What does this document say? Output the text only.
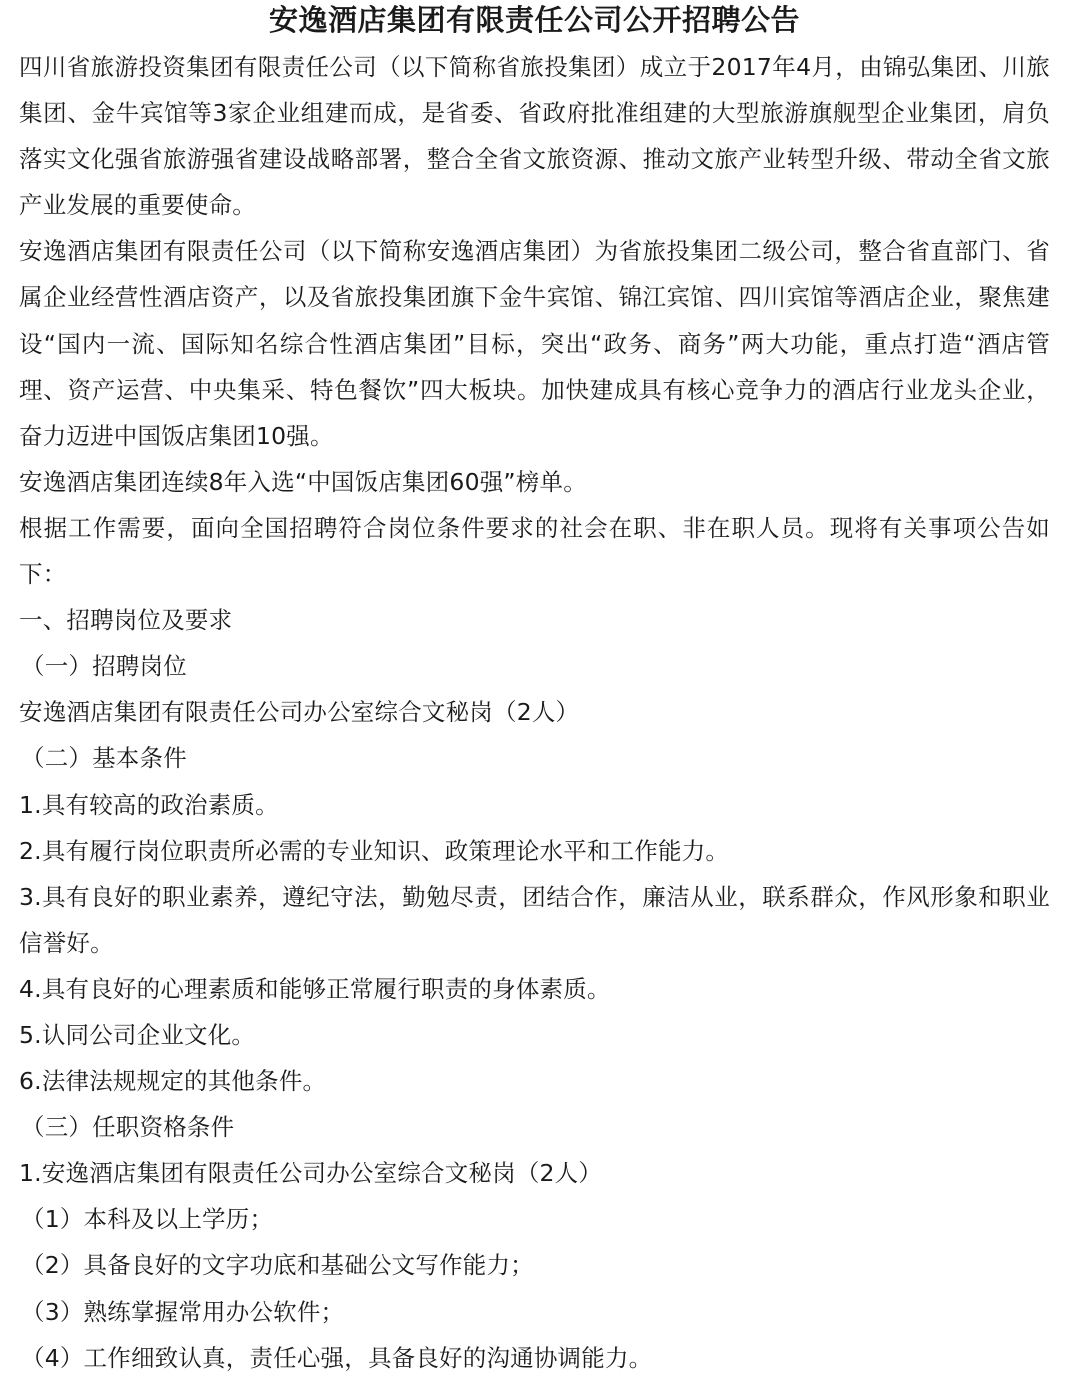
安逸酒店集团有限责任公司公开招聘公告

四川省旅游投资集团有限责任公司（以下简称省旅投集团）成立于2017年4月，由锦弘集团、川旅集团、金牛宾馆等3家企业组建而成，是省委、省政府批准组建的大型旅游旗舰型企业集团，肩负落实文化强省旅游强省建设战略部署，整合全省文旅资源、推动文旅产业转型升级、带动全省文旅产业发展的重要使命。

安逸酒店集团有限责任公司（以下简称安逸酒店集团）为省旅投集团二级公司，整合省直部门、省属企业经营性酒店资产，以及省旅投集团旗下金牛宾馆、锦江宾馆、四川宾馆等酒店企业，聚焦建设“国内一流、国际知名综合性酒店集团”目标，突出“政务、商务”两大功能，重点打造“酒店管理、资产运营、中央集采、特色餐饮”四大板块。加快建成具有核心竞争力的酒店行业龙头企业，奋力迈进中国饭店集团10强。

安逸酒店集团连续8年入选“中国饭店集团60强”榜单。

根据工作需要，面向全国招聘符合岗位条件要求的社会在职、非在职人员。现将有关事项公告如下：

一、招聘岗位及要求

（一）招聘岗位

安逸酒店集团有限责任公司办公室综合文秘岗（2人）

（二）基本条件

1.具有较高的政治素质。

2.具有履行岗位职责所必需的专业知识、政策理论水平和工作能力。

3.具有良好的职业素养，遵纪守法，勤勉尽责，团结合作，廉洁从业，联系群众，作风形象和职业信誉好。

4.具有良好的心理素质和能够正常履行职责的身体素质。

5.认同公司企业文化。

6.法律法规规定的其他条件。

（三）任职资格条件

1.安逸酒店集团有限责任公司办公室综合文秘岗（2人）

（1）本科及以上学历；

（2）具备良好的文字功底和基础公文写作能力；

（3）熟练掌握常用办公软件；

（4）工作细致认真，责任心强，具备良好的沟通协调能力。
